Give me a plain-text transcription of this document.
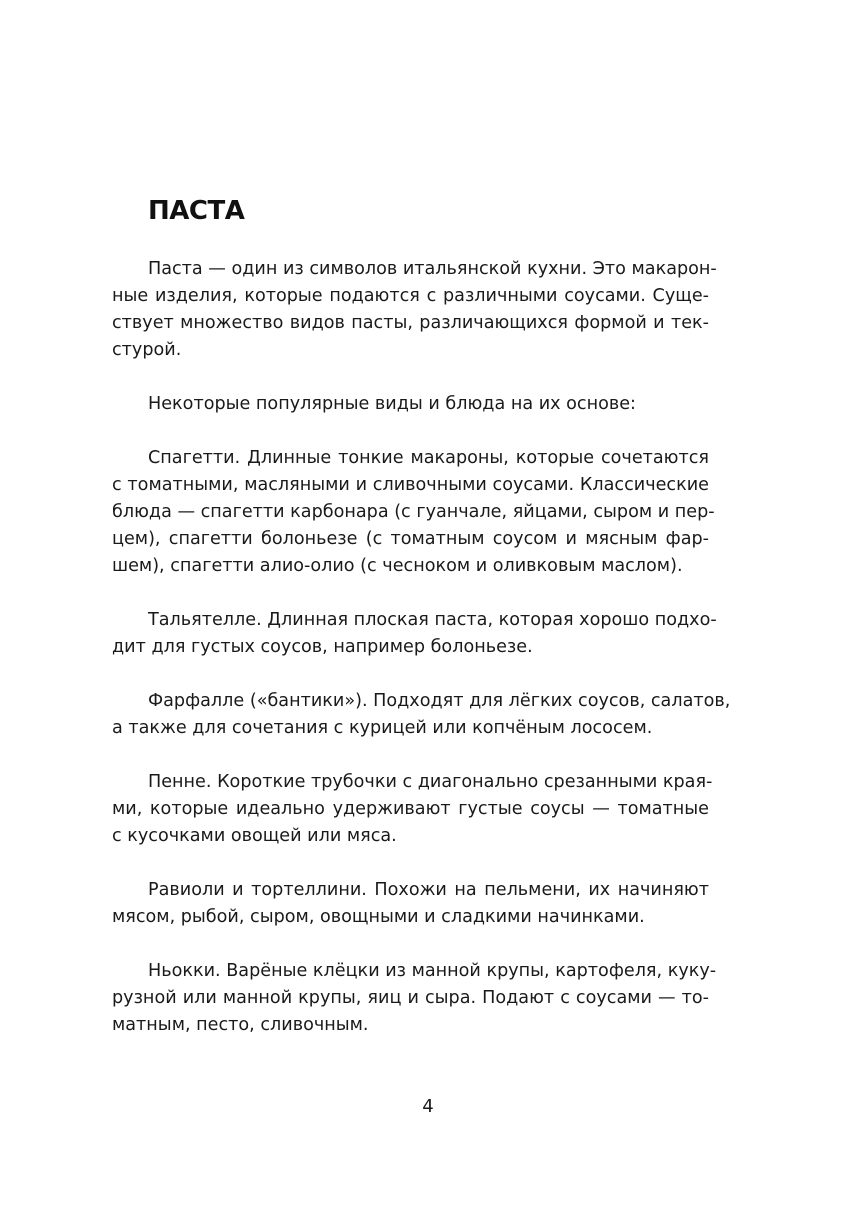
ПАСТА

Паста — один из символов итальянской кухни. Это макарон-
ные изделия, которые подаются с различными соусами. Суще-
ствует множество видов пасты, различающихся формой и тек-
стурой.

Некоторые популярные виды и блюда на их основе:

Спагетти. Длинные тонкие макароны, которые сочетаются
с томатными, масляными и сливочными соусами. Классические
блюда — спагетти карбонара (с гуанчале, яйцами, сыром и пер-
цем), спагетти болоньезе (с томатным соусом и мясным фар-
шем), спагетти алио-олио (с чесноком и оливковым маслом).

Тальятелле. Длинная плоская паста, которая хорошо подхо-
дит для густых соусов, например болоньезе.

Фарфалле («бантики»). Подходят для лёгких соусов, салатов,
а также для сочетания с курицей или копчёным лососем.

Пенне. Короткие трубочки с диагонально срезанными края-
ми, которые идеально удерживают густые соусы — томатные
с кусочками овощей или мяса.

Равиоли и тортеллини. Похожи на пельмени, их начиняют
мясом, рыбой, сыром, овощными и сладкими начинками.

Ньокки. Варёные клёцки из манной крупы, картофеля, куку-
рузной или манной крупы, яиц и сыра. Подают с соусами — то-
матным, песто, сливочным.

4
